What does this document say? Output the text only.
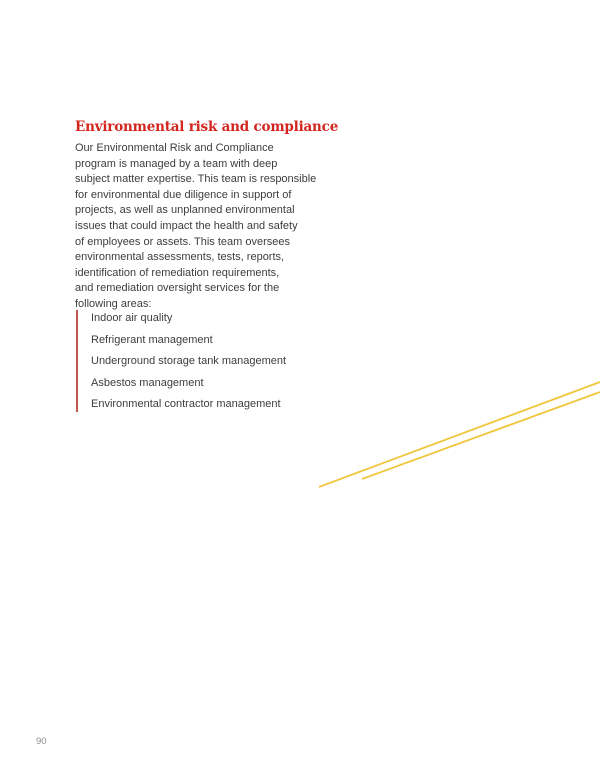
Environmental risk and compliance
Our Environmental Risk and Compliance
program is managed by a team with deep
subject matter expertise. This team is responsible
for environmental due diligence in support of
projects, as well as unplanned environmental
issues that could impact the health and safety
of employees or assets. This team oversees
environmental assessments, tests, reports,
identification of remediation requirements,
and remediation oversight services for the
following areas:
Indoor air quality
Refrigerant management
Underground storage tank management
Asbestos management
Environmental contractor management
90
